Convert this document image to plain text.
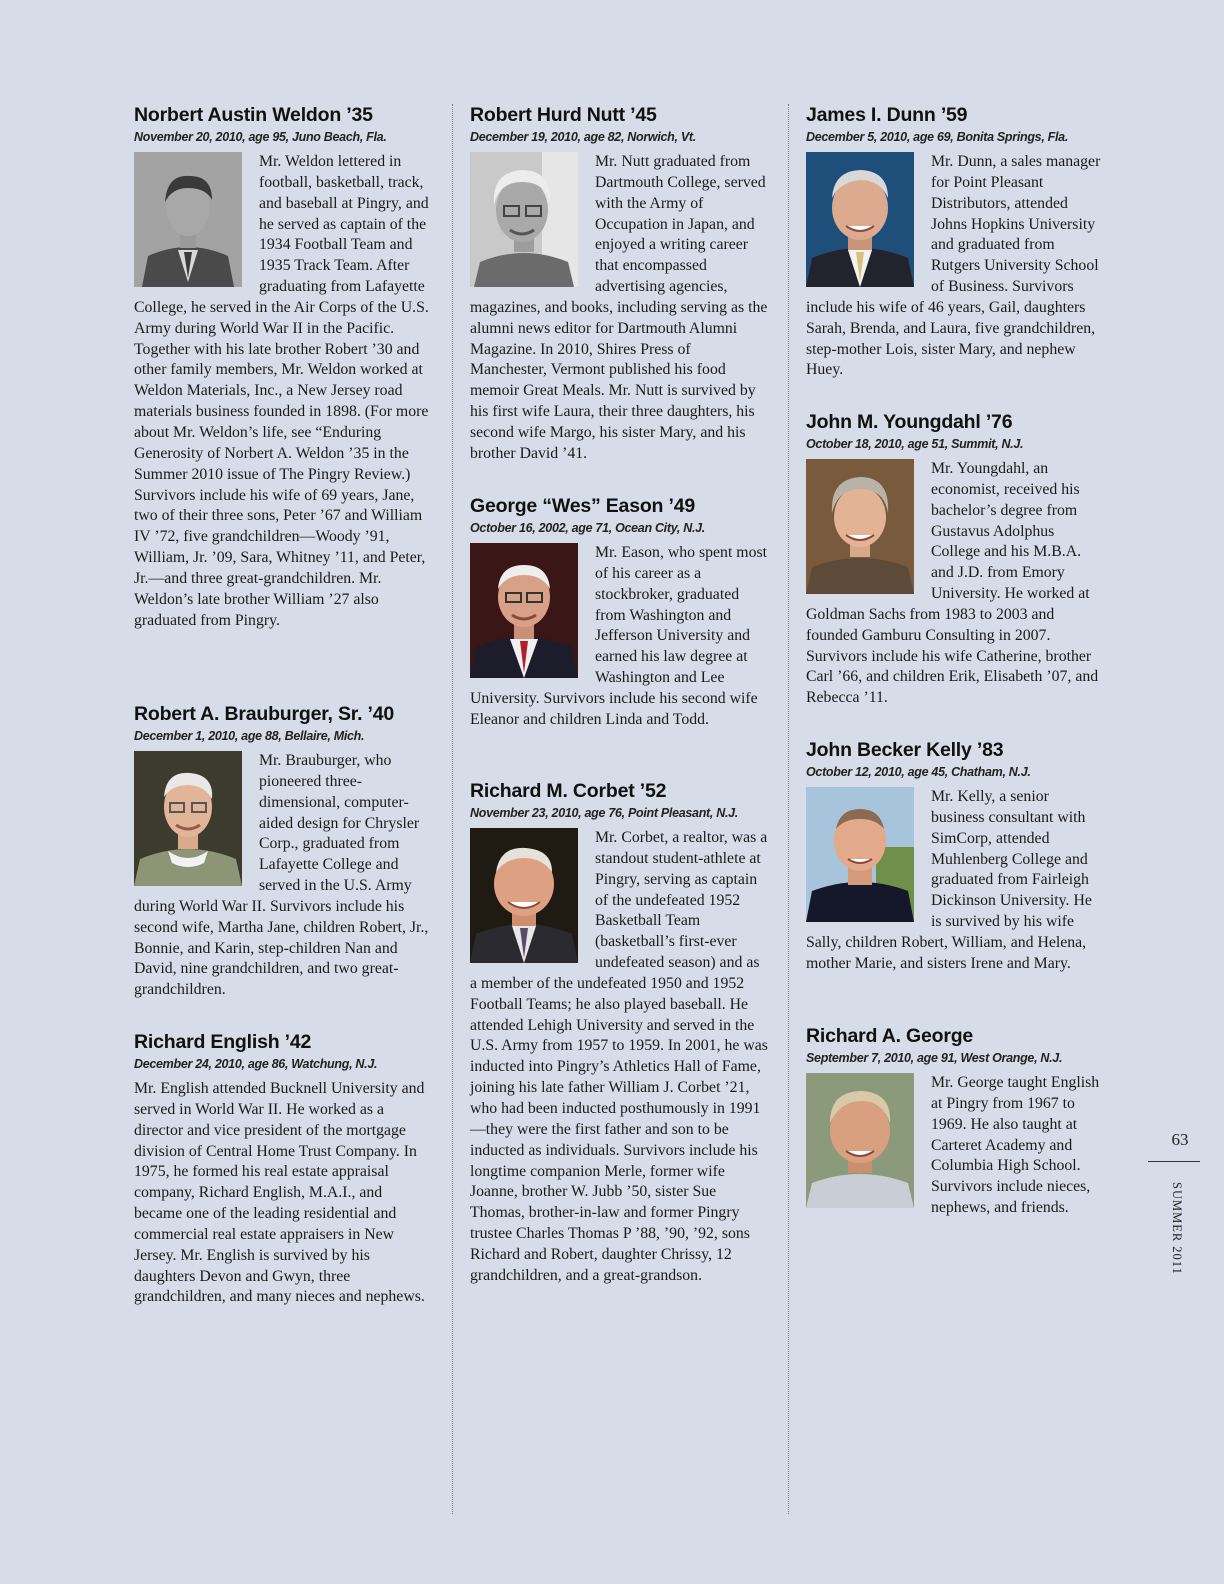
Norbert Austin Weldon ’35

November 20, 2010, age 95, Juno Beach, Fla.

Mr. Weldon lettered in football, basketball, track, and baseball at Pingry, and he served as captain of the 1934 Football Team and 1935 Track Team. After graduating from Lafayette College, he served in the Air Corps of the U.S. Army during World War II in the Pacific. Together with his late brother Robert ’30 and other family members, Mr. Weldon worked at Weldon Materials, Inc., a New Jersey road materials business founded in 1898. (For more about Mr. Weldon’s life, see “Enduring Generosity of Norbert A. Weldon ’35 in the Summer 2010 issue of The Pingry Review.) Survivors include his wife of 69 years, Jane, two of their three sons, Peter ’67 and William IV ’72, five grandchildren—Woody ’91, William, Jr. ’09, Sara, Whitney ’11, and Peter, Jr.—and three great-grandchildren. Mr. Weldon’s late brother William ’27 also graduated from Pingry.

Robert A. Brauburger, Sr. ’40

December 1, 2010, age 88, Bellaire, Mich.

Mr. Brauburger, who pioneered three-dimensional, computer-aided design for Chrysler Corp., graduated from Lafayette College and served in the U.S. Army during World War II. Survivors include his second wife, Martha Jane, children Robert, Jr., Bonnie, and Karin, step-children Nan and David, nine grandchildren, and two great-grandchildren.

Richard English ’42

December 24, 2010, age 86, Watchung, N.J.

Mr. English attended Bucknell University and served in World War II. He worked as a director and vice president of the mortgage division of Central Home Trust Company. In 1975, he formed his real estate appraisal company, Richard English, M.A.I., and became one of the leading residential and commercial real estate appraisers in New Jersey. Mr. English is survived by his daughters Devon and Gwyn, three grandchildren, and many nieces and nephews.

Robert Hurd Nutt ’45

December 19, 2010, age 82, Norwich, Vt.

Mr. Nutt graduated from Dartmouth College, served with the Army of Occupation in Japan, and enjoyed a writing career that encompassed advertising agencies, magazines, and books, including serving as the alumni news editor for Dartmouth Alumni Magazine. In 2010, Shires Press of Manchester, Vermont published his food memoir Great Meals. Mr. Nutt is survived by his first wife Laura, their three daughters, his second wife Margo, his sister Mary, and his brother David ’41.

George “Wes” Eason ’49

October 16, 2002, age 71, Ocean City, N.J.

Mr. Eason, who spent most of his career as a stockbroker, graduated from Washington and Jefferson University and earned his law degree at Washington and Lee University. Survivors include his second wife Eleanor and children Linda and Todd.

Richard M. Corbet ’52

November 23, 2010, age 76, Point Pleasant, N.J.

Mr. Corbet, a realtor, was a standout student-athlete at Pingry, serving as captain of the undefeated 1952 Basketball Team (basketball’s first-ever undefeated season) and as a member of the undefeated 1950 and 1952 Football Teams; he also played baseball. He attended Lehigh University and served in the U.S. Army from 1957 to 1959. In 2001, he was inducted into Pingry’s Athletics Hall of Fame, joining his late father William J. Corbet ’21, who had been inducted posthumously in 1991—they were the first father and son to be inducted as individuals. Survivors include his longtime companion Merle, former wife Joanne, brother W. Jubb ’50, sister Sue Thomas, brother-in-law and former Pingry trustee Charles Thomas P ’88, ’90, ’92, sons Richard and Robert, daughter Chrissy, 12 grandchildren, and a great-grandson.

James I. Dunn ’59

December 5, 2010, age 69, Bonita Springs, Fla.

Mr. Dunn, a sales manager for Point Pleasant Distributors, attended Johns Hopkins University and graduated from Rutgers University School of Business. Survivors include his wife of 46 years, Gail, daughters Sarah, Brenda, and Laura, five grandchildren, step-mother Lois, sister Mary, and nephew Huey.

John M. Youngdahl ’76

October 18, 2010, age 51, Summit, N.J.

Mr. Youngdahl, an economist, received his bachelor’s degree from Gustavus Adolphus College and his M.B.A. and J.D. from Emory University. He worked at Goldman Sachs from 1983 to 2003 and founded Gamburu Consulting in 2007. Survivors include his wife Catherine, brother Carl ’66, and children Erik, Elisabeth ’07, and Rebecca ’11.

John Becker Kelly ’83

October 12, 2010, age 45, Chatham, N.J.

Mr. Kelly, a senior business consultant with SimCorp, attended Muhlenberg College and graduated from Fairleigh Dickinson University. He is survived by his wife Sally, children Robert, William, and Helena, mother Marie, and sisters Irene and Mary.

Richard A. George

September 7, 2010, age 91, West Orange, N.J.

Mr. George taught English at Pingry from 1967 to 1969. He also taught at Carteret Academy and Columbia High School. Survivors include nieces, nephews, and friends.

63
SUMMER 2011
